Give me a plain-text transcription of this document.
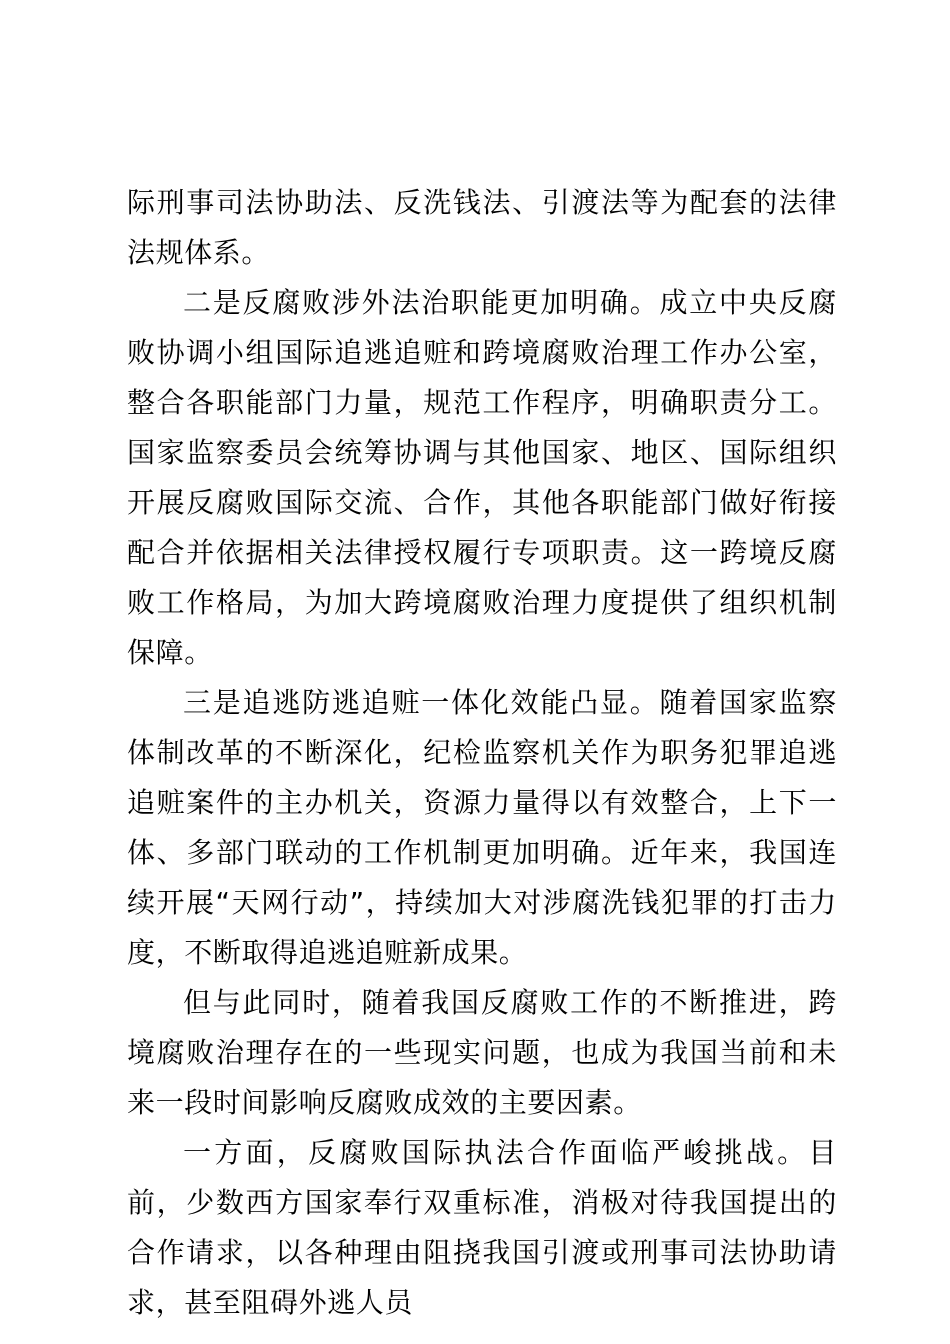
际刑事司法协助法、反洗钱法、引渡法等为配套的法律法规体系。

二是反腐败涉外法治职能更加明确。成立中央反腐败协调小组国际追逃追赃和跨境腐败治理工作办公室，整合各职能部门力量，规范工作程序，明确职责分工。国家监察委员会统筹协调与其他国家、地区、国际组织开展反腐败国际交流、合作，其他各职能部门做好衔接配合并依据相关法律授权履行专项职责。这一跨境反腐败工作格局，为加大跨境腐败治理力度提供了组织机制保障。

三是追逃防逃追赃一体化效能凸显。随着国家监察体制改革的不断深化，纪检监察机关作为职务犯罪追逃追赃案件的主办机关，资源力量得以有效整合，上下一体、多部门联动的工作机制更加明确。近年来，我国连续开展“天网行动”，持续加大对涉腐洗钱犯罪的打击力度，不断取得追逃追赃新成果。

但与此同时，随着我国反腐败工作的不断推进，跨境腐败治理存在的一些现实问题，也成为我国当前和未来一段时间影响反腐败成效的主要因素。

一方面，反腐败国际执法合作面临严峻挑战。目前，少数西方国家奉行双重标准，消极对待我国提出的合作请求，以各种理由阻挠我国引渡或刑事司法协助请求，甚至阻碍外逃人员
